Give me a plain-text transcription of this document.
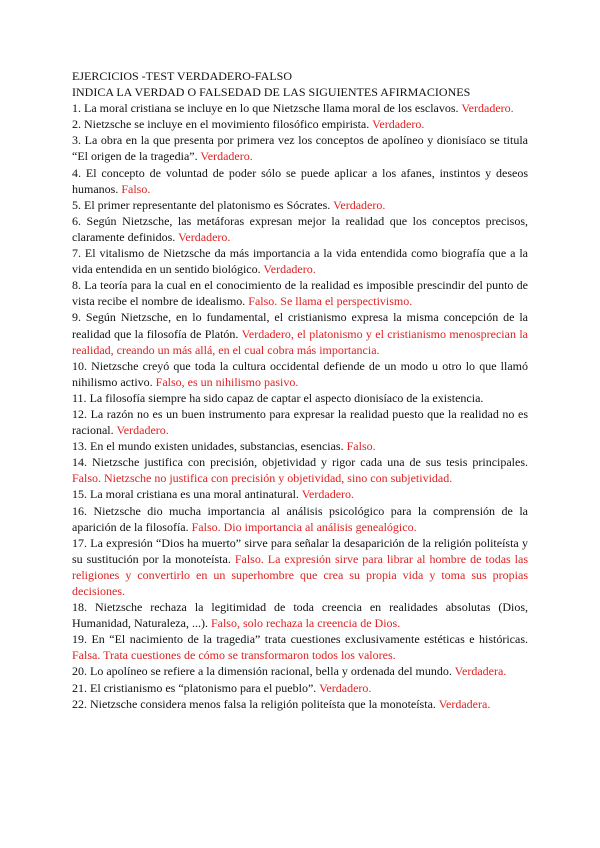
EJERCICIOS -TEST VERDADERO-FALSO

INDICA LA VERDAD O FALSEDAD DE LAS SIGUIENTES AFIRMACIONES

1. La moral cristiana se incluye en lo que Nietzsche llama moral de los esclavos. Verdadero.

2. Nietzsche se incluye en el movimiento filosófico empirista. Verdadero.

3. La obra en la que presenta por primera vez los conceptos de apolíneo y dionisíaco se titula “El origen de la tragedia”. Verdadero.

4. El concepto de voluntad de poder sólo se puede aplicar a los afanes, instintos y deseos humanos. Falso.

5. El primer representante del platonismo es Sócrates. Verdadero.

6. Según Nietzsche, las metáforas expresan mejor la realidad que los conceptos precisos, claramente definidos. Verdadero.

7. El vitalismo de Nietzsche da más importancia a la vida entendida como biografía que a la vida entendida en un sentido biológico. Verdadero.

8. La teoría para la cual en el conocimiento de la realidad es imposible prescindir del punto de vista recibe el nombre de idealismo. Falso. Se llama el perspectivismo.

9. Según Nietzsche, en lo fundamental, el cristianismo expresa la misma concepción de la realidad que la filosofía de Platón. Verdadero, el platonismo y el cristianismo menosprecian la realidad, creando un más allá, en el cual cobra más importancia.

10. Nietzsche creyó que toda la cultura occidental defiende de un modo u otro lo que llamó nihilismo activo. Falso, es un nihilismo pasivo.

11. La filosofía siempre ha sido capaz de captar el aspecto dionisíaco de la existencia.

12. La razón no es un buen instrumento para expresar la realidad puesto que la realidad no es racional. Verdadero.

13. En el mundo existen unidades, substancias, esencias. Falso.

14. Nietzsche justifica con precisión, objetividad y rigor cada una de sus tesis principales. Falso. Nietzsche no justifica con precisión y objetividad, sino con subjetividad.

15. La moral cristiana es una moral antinatural. Verdadero.

16. Nietzsche dio mucha importancia al análisis psicológico para la comprensión de la aparición de la filosofía. Falso. Dio importancia al análisis genealógico.

17. La expresión “Dios ha muerto” sirve para señalar la desaparición de la religión politeísta y su sustitución por la monoteísta. Falso. La expresión sirve para librar al hombre de todas las religiones y convertirlo en un superhombre que crea su propia vida y toma sus propias decisiones.

18. Nietzsche rechaza la legitimidad de toda creencia en realidades absolutas (Dios, Humanidad, Naturaleza, ...). Falso, solo rechaza la creencia de Dios.

19. En “El nacimiento de la tragedia” trata cuestiones exclusivamente estéticas e históricas. Falsa. Trata cuestiones de cómo se transformaron todos los valores.

20. Lo apolíneo se refiere a la dimensión racional, bella y ordenada del mundo. Verdadera.

21. El cristianismo es “platonismo para el pueblo”. Verdadero.

22. Nietzsche considera menos falsa la religión politeísta que la monoteísta. Verdadera.
